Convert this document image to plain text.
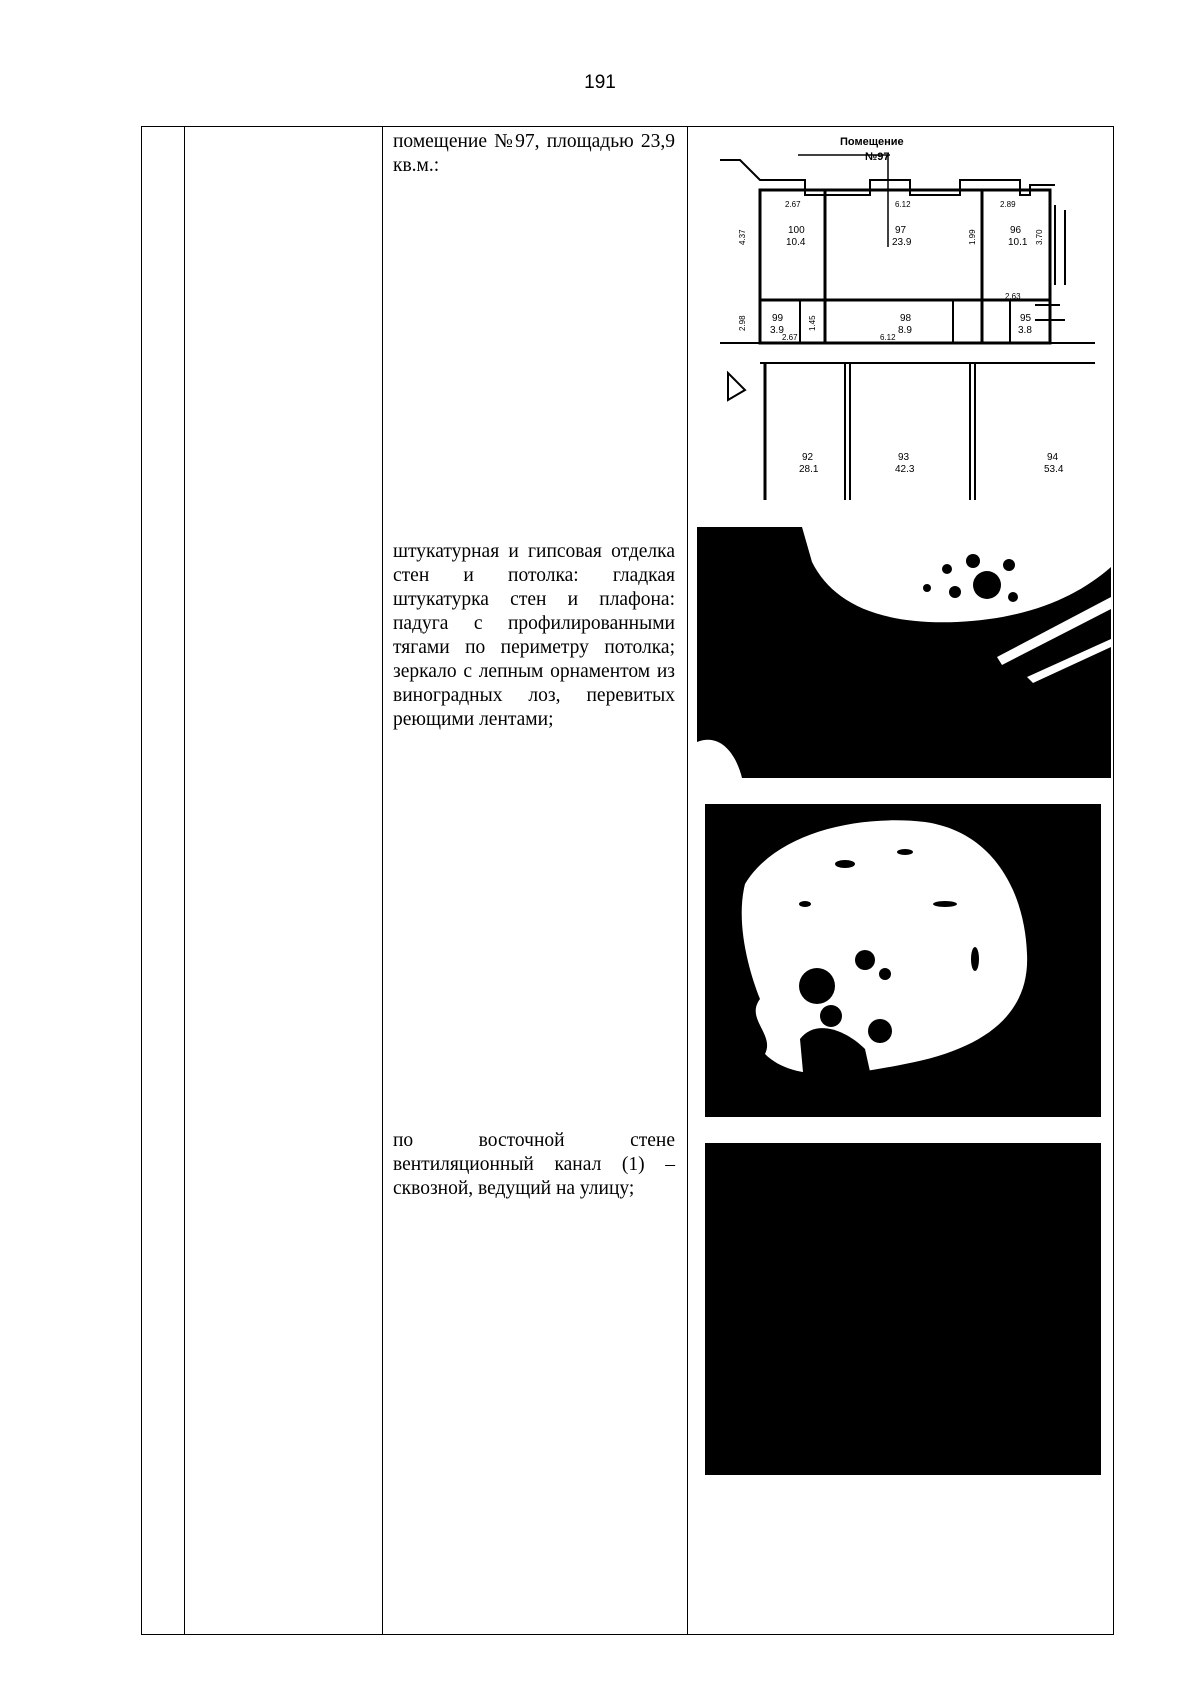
191
помещение №97, площадью 23,9 кв.м.:
штукатурная и гипсовая отделка стен и потолка: гладкая штукатурка стен и плафона: падуга с профилированными тягами по периметру потолка; зеркало с лепным орнаментом из виноградных лоз, перевитых реющими лентами;
по восточной стене вентиляционный канал (1) – сквозной, ведущий на улицу;
Помещение
№97
100
10.4
97
23.9
96
10.1
99
3.9
98
8.9
95
3.8
92
28.1
93
42.3
94
53.4
2.67	6.12	2.89
4.37
2.98	1.45
2.63
1.99
6.12
2.67
3.70
